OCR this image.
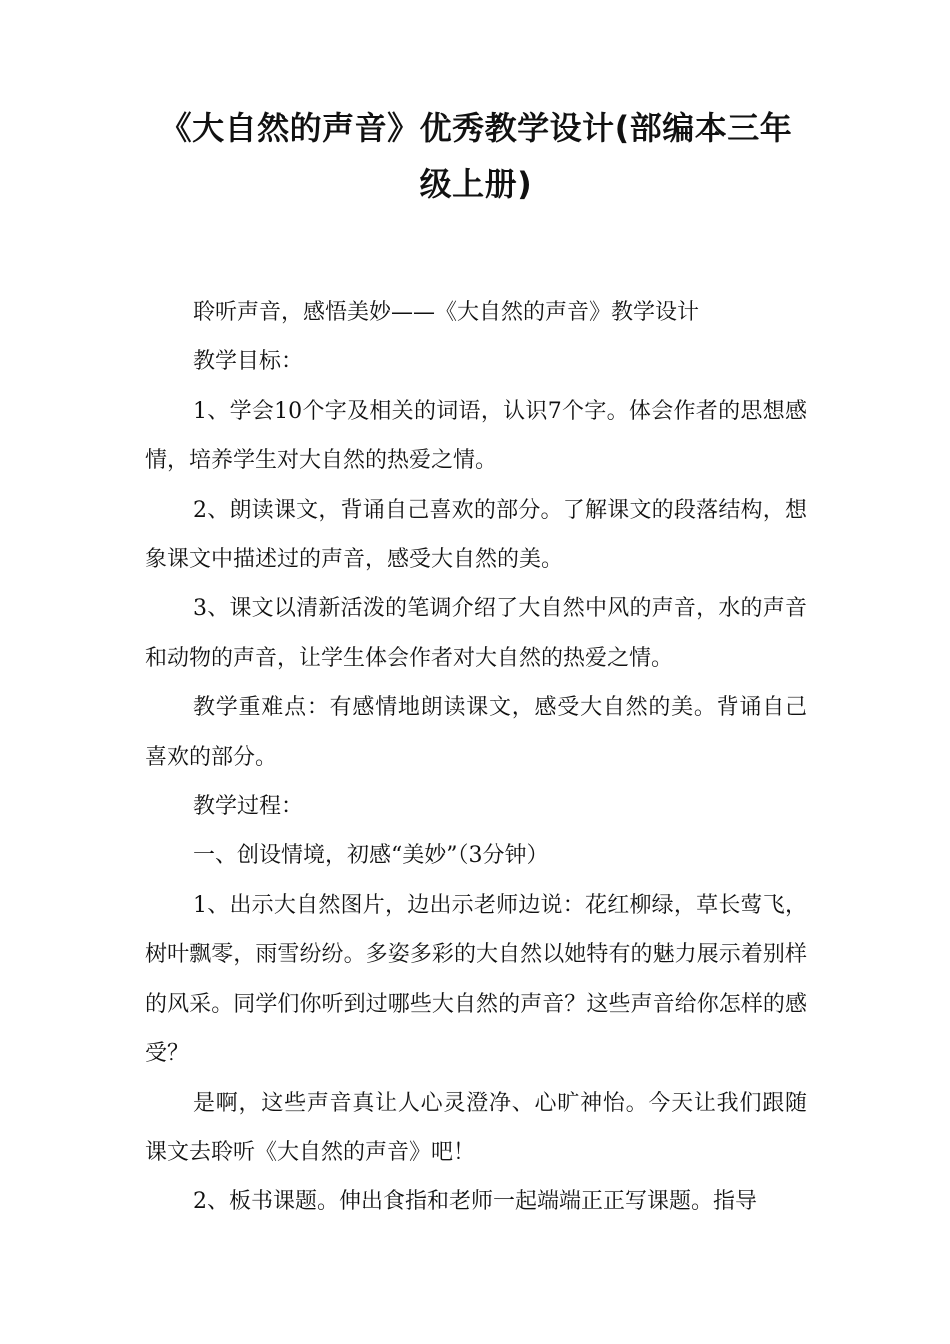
《大自然的声音》优秀教学设计(部编本三年级上册)

聆听声音，感悟美妙——《大自然的声音》教学设计

教学目标：

1、学会10个字及相关的词语，认识7个字。体会作者的思想感情，培养学生对大自然的热爱之情。

2、朗读课文，背诵自己喜欢的部分。了解课文的段落结构，想象课文中描述过的声音，感受大自然的美。

3、课文以清新活泼的笔调介绍了大自然中风的声音，水的声音和动物的声音，让学生体会作者对大自然的热爱之情。

教学重难点：有感情地朗读课文，感受大自然的美。背诵自己喜欢的部分。

教学过程：

一、创设情境，初感“美妙”（3分钟）

1、出示大自然图片，边出示老师边说：花红柳绿，草长莺飞，树叶飘零，雨雪纷纷。多姿多彩的大自然以她特有的魅力展示着别样的风采。同学们你听到过哪些大自然的声音？这些声音给你怎样的感受？

是啊，这些声音真让人心灵澄净、心旷神怡。今天让我们跟随课文去聆听《大自然的声音》吧！

2、板书课题。伸出食指和老师一起端端正正写课题。指导
